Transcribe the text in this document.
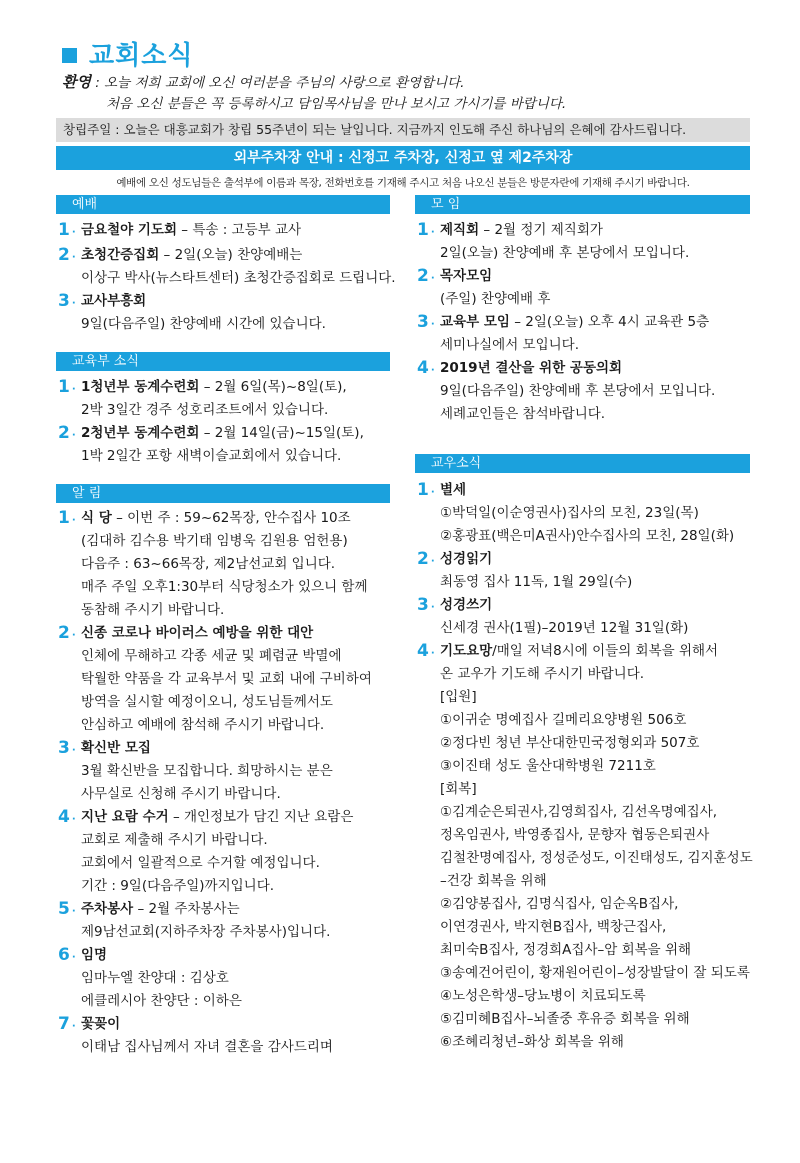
교회소식
환영 : 오늘 저희 교회에 오신 여러분을 주님의 사랑으로 환영합니다.
처음 오신 분들은 꼭 등록하시고 담임목사님을 만나 보시고 가시기를 바랍니다.
창립주일 : 오늘은 대흥교회가 창립 55주년이 되는 날입니다. 지금까지 인도해 주신 하나님의 은혜에 감사드립니다.
외부주차장 안내 : 신정고 주차장, 신정고 옆 제2주차장
예배에 오신 성도님들은 출석부에 이름과 목장, 전화번호를 기재해 주시고 처음 나오신 분들은 방문자란에 기재해 주시기 바랍니다.
예배
교육부 소식
알 림
모 임
교우소식
1 · 금요철야 기도회 – 특송 : 고등부 교사
2 · 초청간증집회 – 2일(오늘) 찬양예배는
이상구 박사(뉴스타트센터) 초청간증집회로 드립니다.
3 · 교사부흥회
9일(다음주일) 찬양예배 시간에 있습니다.
1 · 1청년부 동계수련회 – 2월 6일(목)~8일(토),
2박 3일간 경주 성호리조트에서 있습니다.
2 · 2청년부 동계수련회 – 2월 14일(금)~15일(토),
1박 2일간 포항 새벽이슬교회에서 있습니다.
1 · 식 당 – 이번 주 : 59~62목장, 안수집사 10조
(김대하 김수용 박기태 임병욱 김원용 엄헌용)
다음주 : 63~66목장, 제2남선교회 입니다.
매주 주일 오후1:30부터 식당청소가 있으니 함께
동참해 주시기 바랍니다.
2 · 신종 코로나 바이러스 예방을 위한 대안
인체에 무해하고 각종 세균 및 폐렴균 박멸에
탁월한 약품을 각 교육부서 및 교회 내에 구비하여
방역을 실시할 예정이오니, 성도님들께서도
안심하고 예배에 참석해 주시기 바랍니다.
3 · 확신반 모집
3월 확신반을 모집합니다. 희망하시는 분은
사무실로 신청해 주시기 바랍니다.
4 · 지난 요람 수거 – 개인정보가 담긴 지난 요람은
교회로 제출해 주시기 바랍니다.
교회에서 일괄적으로 수거할 예정입니다.
기간 : 9일(다음주일)까지입니다.
5 · 주차봉사 – 2월 주차봉사는
제9남선교회(지하주차장 주차봉사)입니다.
6 · 임명
임마누엘 찬양대 : 김상호
에클레시아 찬양단 : 이하은
7 · 꽃꽂이
이태남 집사님께서 자녀 결혼을 감사드리며
1 · 제직회 – 2월 정기 제직회가
2일(오늘) 찬양예배 후 본당에서 모입니다.
2 · 목자모임
(주일) 찬양예배 후
3 · 교육부 모임 – 2일(오늘) 오후 4시 교육관 5층
세미나실에서 모입니다.
4 · 2019년 결산을 위한 공동의회
9일(다음주일) 찬양예배 후 본당에서 모입니다.
세례교인들은 참석바랍니다.
1 · 별세
①박덕일(이순영권사)집사의 모친, 23일(목)
②홍광표(백은미A권사)안수집사의 모친, 28일(화)
2 · 성경읽기
최동영 집사 11독, 1월 29일(수)
3 · 성경쓰기
신세경 권사(1필)–2019년 12월 31일(화)
4 · 기도요망/매일 저녁8시에 이들의 회복을 위해서
온 교우가 기도해 주시기 바랍니다.
[입원]
①이귀순 명예집사 길메리요양병원 506호
②정다빈 청년 부산대한민국정형외과 507호
③이진태 성도 울산대학병원 7211호
[회복]
①김계순은퇴권사,김영희집사, 김선옥명예집사,
정옥임권사, 박영종집사, 문향자 협동은퇴권사
김철찬명예집사, 정성준성도, 이진태성도, 김지훈성도
–건강 회복을 위해
②김양봉집사, 김명식집사, 임순옥B집사,
이연경권사, 박지현B집사, 백창근집사,
최미숙B집사, 정경희A집사–암 회복을 위해
③송예건어린이, 황재원어린이–성장발달이 잘 되도록
④노성은학생–당뇨병이 치료되도록
⑤김미혜B집사–뇌졸중 후유증 회복을 위해
⑥조혜리청년–화상 회복을 위해
